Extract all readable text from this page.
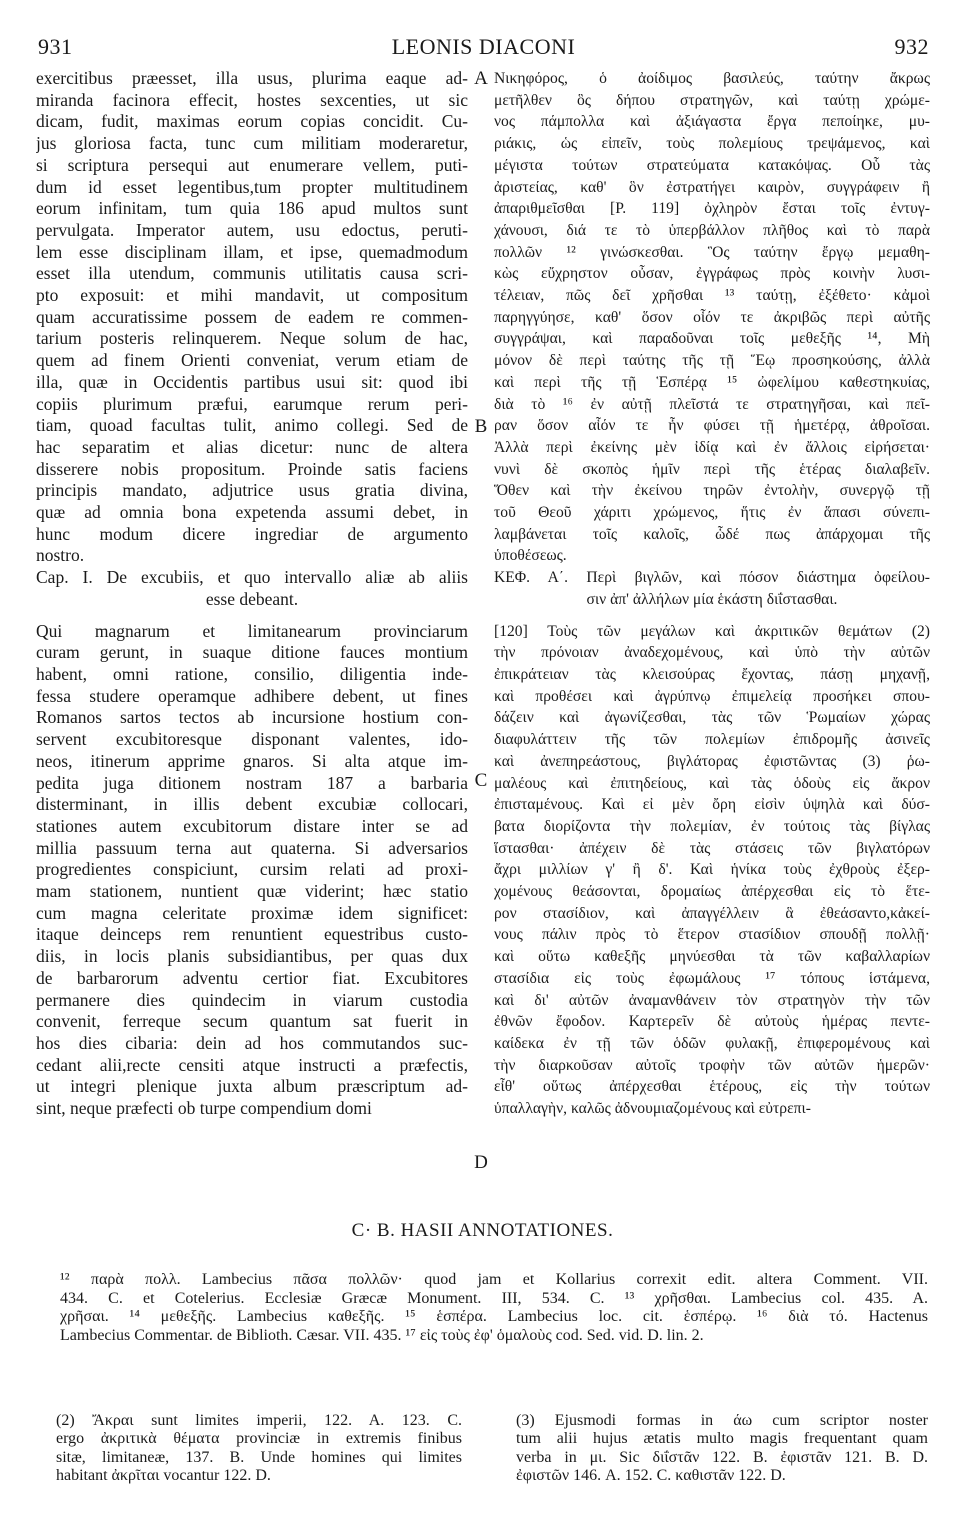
931	LEONIS DIACONI	932
exercitibus præesset, illa usus, plurima eaque ad-
miranda facinora effecit, hostes sexcenties, ut sic
dicam, fudit, maximas eorum copias concidit. Cu-
jus gloriosa facta, tunc cum militiam moderaretur,
si scriptura persequi aut enumerare vellem, puti-
dum id esset legentibus,tum propter multitudinem
eorum infinitam, tum quia 186 apud multos sunt
pervulgata. Imperator autem, usu edoctus, peruti-
lem esse disciplinam illam, et ipse, quemadmodum
esset illa utendum, communis utilitatis causa scri-
pto exposuit: et mihi mandavit, ut compositum
quam accuratissime possem de eadem re commen-
tarium posteris relinquerem. Neque solum de hac,
quem ad finem Orienti conveniat, verum etiam de
illa, quæ in Occidentis partibus usui sit: quod ibi
copiis plurimum præfui, earumque rerum peri-
tiam, quoad facultas tulit, animo collegi. Sed de
hac separatim et alias dicetur: nunc de altera
disserere nobis propositum. Proinde satis faciens
principis mandato, adjutrice usus gratia divina,
quæ ad omnia bona expetenda assumi debet, in
hunc modum dicere ingrediar de argumento
nostro.
Cap. I. De excubiis, et quo intervallo aliæ ab aliis
esse debeant.
Qui magnarum et limitanearum provinciarum
curam gerunt, in suaque ditione fauces montium
habent, omni ratione, consilio, diligentia inde-
fessa studere operamque adhibere debent, ut fines
Romanos sartos tectos ab incursione hostium con-
servent excubitoresque disponant valentes, ido-
neos, itinerum apprime gnaros. Si alta atque im-
pedita juga ditionem nostram 187 a barbaria
disterminant, in illis debent excubiæ collocari,
stationes autem excubitorum distare inter se ad
millia passuum terna aut quaterna. Si adversarios
progredientes conspiciunt, cursim relati ad proxi-
mam stationem, nuntient quæ viderint; hæc statio
cum magna celeritate proximæ idem significet:
itaque deinceps rem renuntient equestribus custo-
diis, in locis planis subsidiantibus, per quas dux
de barbarorum adventu certior fiat. Excubitores
permanere dies quindecim in viarum custodia
convenit, ferreque secum quantum sat fuerit in
hos dies cibaria: dein ad hos commutandos suc-
cedant alii,recte censiti atque instructi a præfectis,
ut integri plenique juxta album præscriptum ad-
sint, neque præfecti ob turpe compendium domi
Νικηφόρος, ὁ ἀοίδιμος βασιλεύς, ταύτην ἄκρως
μετῆλθεν ὃς δήπου στρατηγῶν, καὶ ταύτῃ χρώμε-
νος πάμπολλα καὶ ἀξιάγαστα ἔργα πεποίηκε, μυ-
ριάκις, ὡς εἰπεῖν, τοὺς πολεμίους τρεψάμενος, καὶ
μέγιστα τούτων στρατεύματα κατακόψας. Οὗ τὰς
ἀριστείας, καθ' ὃν ἐστρατήγει καιρὸν, συγγράφειν ἢ
ἀπαριθμεῖσθαι [P. 119] ὀχληρὸν ἔσται τοῖς ἐντυγ-
χάνουσι, διά τε τὸ ὑπερβάλλον πλῆθος καὶ τὸ παρὰ
πολλῶν ¹² γινώσκεσθαι. Ὃς ταύτην ἔργῳ μεμαθη-
κὼς εὔχρηστον οὖσαν, ἐγγράφως πρὸς κοινὴν λυσι-
τέλειαν, πῶς δεῖ χρῆσθαι ¹³ ταύτῃ, ἐξέθετο· κἀμοὶ
παρηγγύησε, καθ' ὅσον οἷόν τε ἀκριβῶς περὶ αὐτῆς
συγγράψαι, καὶ παραδοῦναι τοῖς μεθεξῆς ¹⁴, Μὴ
μόνον δὲ περὶ ταύτης τῆς τῇ Ἕῳ προσηκούσης, ἀλλὰ
καὶ περὶ τῆς τῇ Ἑσπέρᾳ ¹⁵ ὠφελίμου καθεστηκυίας,
διὰ τὸ ¹⁶ ἐν αὐτῇ πλεῖστά τε στρατηγῆσαι, καὶ πεῖ-
ραν ὅσον αἷόν τε ἦν φύσει τῇ ἡμετέρᾳ, ἀθροῖσαι.
Ἀλλὰ περὶ ἐκείνης μὲν ἰδίᾳ καὶ ἐν ἄλλοις εἰρήσεται·
νυνὶ δὲ σκοπὸς ἡμῖν περὶ τῆς ἑτέρας διαλαβεῖν.
Ὅθεν καὶ τὴν ἐκείνου τηρῶν ἐντολὴν, συνεργῷ τῇ
τοῦ Θεοῦ χάριτι χρώμενος, ἥτις ἐν ἅπασι σύνεπι-
λαμβάνεται τοῖς καλοῖς, ὧδέ πως ἀπάρχομαι τῆς
ὑποθέσεως.
ΚΕΦ. Α΄. Περὶ βιγλῶν, καὶ πόσον διάστημα ὀφείλου-
σιν ἀπ' ἀλλήλων μία ἑκάστη διΐστασθαι.
[120] Τοὺς τῶν μεγάλων καὶ ἀκριτικῶν θεμάτων (2)
τὴν πρόνοιαν ἀναδεχομένους, καὶ ὑπὸ τὴν αὐτῶν
ἐπικράτειαν τὰς κλεισούρας ἔχοντας, πάσῃ μηχανῇ,
καὶ προθέσει καὶ ἀγρύπνῳ ἐπιμελείᾳ προσήκει σπου-
δάζειν καὶ ἀγωνίζεσθαι, τὰς τῶν Ῥωμαίων χώρας
διαφυλάττειν τῆς τῶν πολεμίων ἐπιδρομῆς ἀσινεῖς
καὶ ἀνεπηρεάστους, βιγλάτορας ἐφιστῶντας (3) ῥω-
μαλέους καὶ ἐπιτηδείους, καὶ τὰς ὁδοὺς εἰς ἄκρον
ἐπισταμένους. Καὶ εἰ μὲν ὄρη εἰσὶν ὑψηλὰ καὶ δύσ-
βατα διορίζοντα τὴν πολεμίαν, ἐν τούτοις τὰς βίγλας
ἵστασθαι· ἀπέχειν δὲ τὰς στάσεις τῶν βιγλατόρων
ἄχρι μιλλίων γ' ἢ δ'. Καὶ ἡνίκα τοὺς ἐχθροὺς ἐξερ-
χομένους θεάσονται, δρομαίως ἀπέρχεσθαι εἰς τὸ ἕτε-
ρον στασίδιον, καὶ ἀπαγγέλλειν ἃ ἐθεάσαντο,κἀκεί-
νους πάλιν πρὸς τὸ ἕτερον στασίδιον σπουδῇ πολλῇ·
καὶ οὕτω καθεξῆς μηνύεσθαι τὰ τῶν καβαλλαρίων
στασίδια εἰς τοὺς ἐφωμάλους ¹⁷ τόπους ἱστάμενα,
καὶ δι' αὐτῶν ἀναμανθάνειν τὸν στρατηγὸν τὴν τῶν
ἐθνῶν ἔφοδον. Καρτερεῖν δὲ αὐτοὺς ἡμέρας πεντε-
καίδεκα ἐν τῇ τῶν ὁδῶν φυλακῇ, ἐπιφερομένους καὶ
τὴν διαρκοῦσαν αὐτοῖς τροφὴν τῶν αὐτῶν ἡμερῶν·
εἶθ' οὕτως ἀπέρχεσθαι ἑτέρους, εἰς τὴν τούτων
ὑπαλλαγὴν, καλῶς ἀδνουμιαζομένους καὶ εὐτρεπι-
A
B
C
D
C· B. HASII ANNOTATIONES.
¹² παρὰ πολλ. Lambecius πᾶσα πολλῶν· quod jam et Kollarius correxit edit. altera Comment. VII.
434. C. et Cotelerius. Ecclesiæ Græcæ Monument. III, 534. C. ¹³ χρῆσθαι. Lambecius col. 435. A.
χρῆσαι. ¹⁴ μεθεξῆς. Lambecius καθεξῆς. ¹⁵ ἑσπέρα. Lambecius loc. cit. ἑσπέρῳ. ¹⁶ διὰ τό. Hactenus
Lambecius Commentar. de Biblioth. Cæsar. VII. 435. ¹⁷ εἰς τοὺς ἐφ' ὁμαλοὺς cod. Sed. vid. D. lin. 2.
(2) Ἄκραι sunt limites imperii, 122. A. 123. C.
ergo ἀκριτικὰ θέματα provinciæ in extremis finibus
sitæ, limitaneæ, 137. B. Unde homines qui limites
habitant ἀκρῖται vocantur 122. D.
(3) Ejusmodi formas in άω cum scriptor noster
tum alii hujus ætatis multo magis frequentant quam
verba in μι. Sic διΐστᾶν 122. B. ἐφιστᾶν 121. B. D.
ἐφιστῶν 146. A. 152. C. καθιστᾶν 122. D.
